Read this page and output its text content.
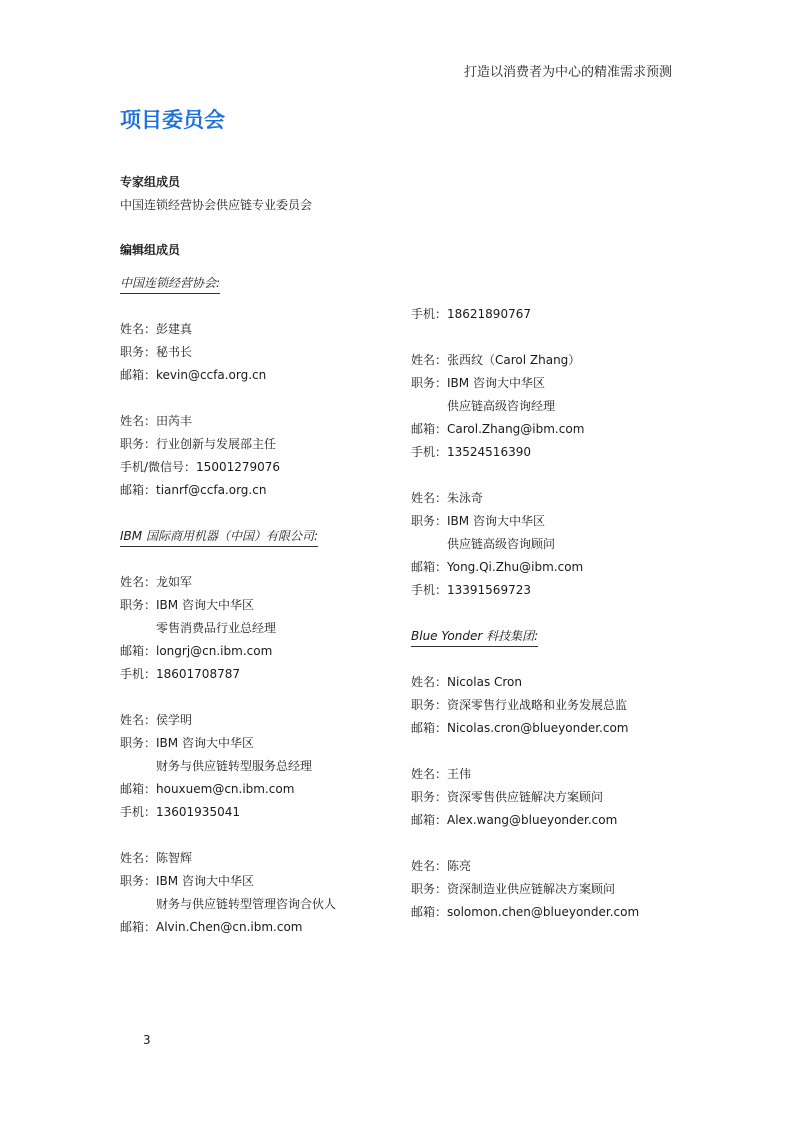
打造以消费者为中心的精准需求预测
项目委员会
专家组成员
中国连锁经营协会供应链专业委员会
编辑组成员
中国连锁经营协会:
姓名：彭建真
职务：秘书长
邮箱：kevin@ccfa.org.cn
姓名：田芮丰
职务：行业创新与发展部主任
手机/微信号：15001279076
邮箱：tianrf@ccfa.org.cn
IBM 国际商用机器（中国）有限公司:
姓名：龙如军
职务：IBM 咨询大中华区
零售消费品行业总经理
邮箱：longrj@cn.ibm.com
手机：18601708787
姓名：侯学明
职务：IBM 咨询大中华区
财务与供应链转型服务总经理
邮箱：houxuem@cn.ibm.com
手机：13601935041
姓名：陈智辉
职务：IBM 咨询大中华区
财务与供应链转型管理咨询合伙人
邮箱：Alvin.Chen@cn.ibm.com
手机：18621890767
姓名：张西纹（Carol Zhang）
职务：IBM 咨询大中华区
供应链高级咨询经理
邮箱：Carol.Zhang@ibm.com
手机：13524516390
姓名：朱泳奇
职务：IBM 咨询大中华区
供应链高级咨询顾问
邮箱：Yong.Qi.Zhu@ibm.com
手机：13391569723
Blue Yonder 科技集团:
姓名：Nicolas Cron
职务：资深零售行业战略和业务发展总监
邮箱：Nicolas.cron@blueyonder.com
姓名：王伟
职务：资深零售供应链解决方案顾问
邮箱：Alex.wang@blueyonder.com
姓名：陈亮
职务：资深制造业供应链解决方案顾问
邮箱：solomon.chen@blueyonder.com
3
